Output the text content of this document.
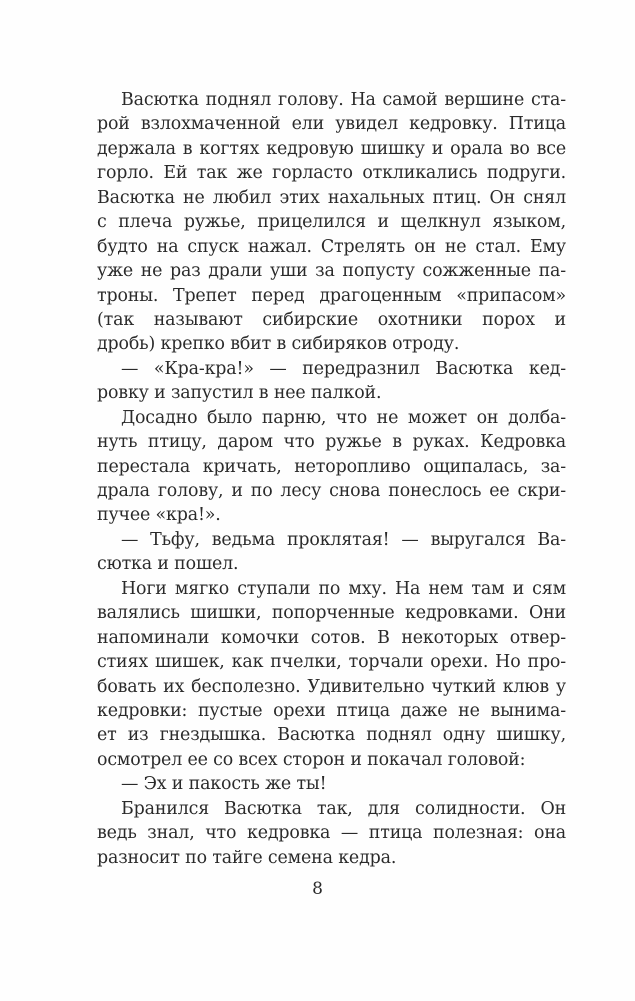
Васютка поднял голову. На самой вершине ста-
рой взлохмаченной ели увидел кедровку. Птица
держала в когтях кедровую шишку и орала во все
горло. Ей так же горласто откликались подруги.
Васютка не любил этих нахальных птиц. Он снял
с плеча ружье, прицелился и щелкнул языком,
будто на спуск нажал. Стрелять он не стал. Ему
уже не раз драли уши за попусту сожженные па-
троны. Трепет перед драгоценным «припасом»
(так называют сибирские охотники порох и
дробь) крепко вбит в сибиряков отроду.
— «Кра-кра!» — передразнил Васютка кед-
ровку и запустил в нее палкой.
Досадно было парню, что не может он долба-
нуть птицу, даром что ружье в руках. Кедровка
перестала кричать, неторопливо ощипалась, за-
драла голову, и по лесу снова понеслось ее скри-
пучее «кра!».
— Тьфу, ведьма проклятая! — выругался Ва-
сютка и пошел.
Ноги мягко ступали по мху. На нем там и сям
валялись шишки, попорченные кедровками. Они
напоминали комочки сотов. В некоторых отвер-
стиях шишек, как пчелки, торчали орехи. Но про-
бовать их бесполезно. Удивительно чуткий клюв у
кедровки: пустые орехи птица даже не вынима-
ет из гнездышка. Васютка поднял одну шишку,
осмотрел ее со всех сторон и покачал головой:
— Эх и пакость же ты!
Бранился Васютка так, для солидности. Он
ведь знал, что кедровка — птица полезная: она
разносит по тайге семена кедра.
8
